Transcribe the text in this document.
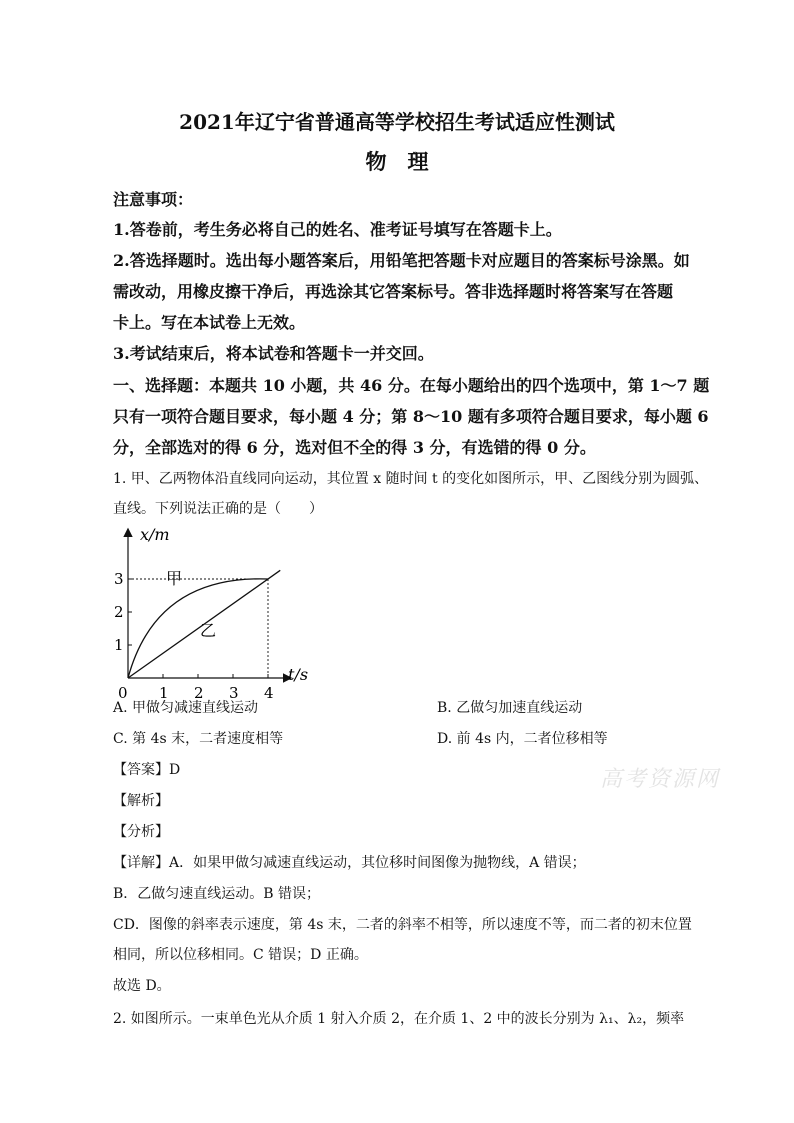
2021年辽宁省普通高等学校招生考试适应性测试
物　理
注意事项：
1.答卷前，考生务必将自己的姓名、准考证号填写在答题卡上。
2.答选择题时。选出每小题答案后，用铅笔把答题卡对应题目的答案标号涂黑。如
需改动，用橡皮擦干净后，再选涂其它答案标号。答非选择题时将答案写在答题
卡上。写在本试卷上无效。
3.考试结束后，将本试卷和答题卡一并交回。
一、选择题：本题共 10 小题，共 46 分。在每小题给出的四个选项中，第 1～7 题
只有一项符合题目要求，每小题 4 分；第 8～10 题有多项符合题目要求，每小题 6
分，全部选对的得 6 分，选对但不全的得 3 分，有选错的得 0 分。
1. 甲、乙两物体沿直线同向运动，其位置 x 随时间 t 的变化如图所示，甲、乙图线分别为圆弧、
直线。下列说法正确的是（　　）
0 1 2 3 4
1
2
3
x/m
t/s
甲
乙
A. 甲做匀减速直线运动	B. 乙做匀加速直线运动
C. 第 4s 末，二者速度相等	D. 前 4s 内，二者位移相等
高考资源网
【答案】D
【解析】
【分析】
【详解】A．如果甲做匀减速直线运动，其位移时间图像为抛物线，A 错误；
B．乙做匀速直线运动。B 错误；
CD．图像的斜率表示速度，第 4s 末，二者的斜率不相等，所以速度不等，而二者的初末位置
相同，所以位移相同。C 错误；D 正确。
故选 D。
2. 如图所示。一束单色光从介质 1 射入介质 2，在介质 1、2 中的波长分别为 λ₁、λ₂，频率
